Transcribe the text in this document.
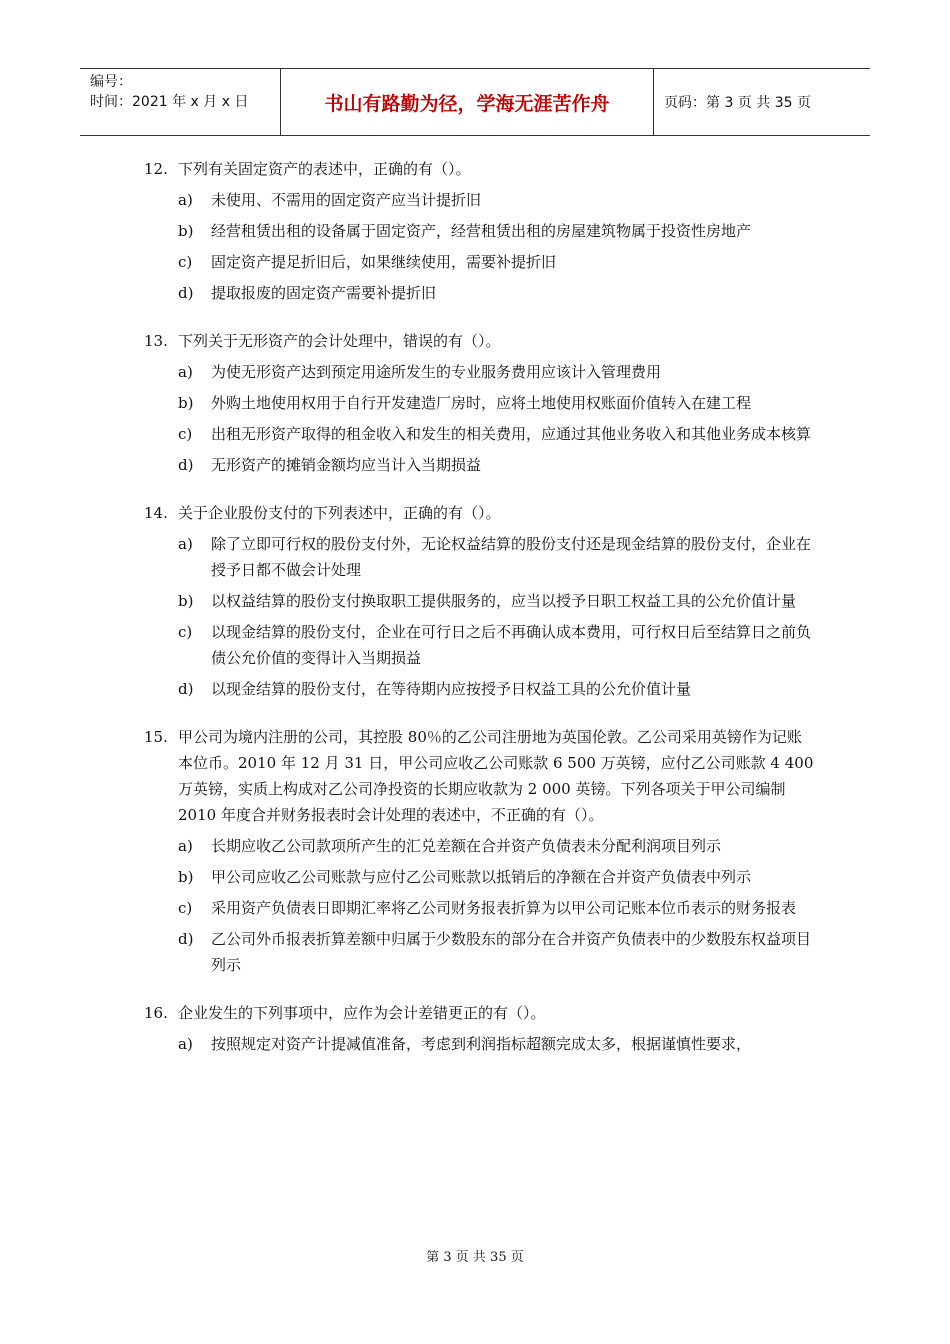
编号：
时间：2021 年 x 月 x 日	书山有路勤为径，学海无涯苦作舟	页码：第 3 页 共 35 页
12. 下列有关固定资产的表述中，正确的有（）。
a)	未使用、不需用的固定资产应当计提折旧
b)	经营租赁出租的设备属于固定资产，经营租赁出租的房屋建筑物属于投资性房地产
c)	固定资产提足折旧后，如果继续使用，需要补提折旧
d)	提取报废的固定资产需要补提折旧
13. 下列关于无形资产的会计处理中，错误的有（）。
a)	为使无形资产达到预定用途所发生的专业服务费用应该计入管理费用
b)	外购土地使用权用于自行开发建造厂房时，应将土地使用权账面价值转入在建工程
c)	出租无形资产取得的租金收入和发生的相关费用，应通过其他业务收入和其他业务成本核算
d)	无形资产的摊销金额均应当计入当期损益
14. 关于企业股份支付的下列表述中，正确的有（）。
a)	除了立即可行权的股份支付外，无论权益结算的股份支付还是现金结算的股份支付，企业在授予日都不做会计处理
b)	以权益结算的股份支付换取职工提供服务的，应当以授予日职工权益工具的公允价值计量
c)	以现金结算的股份支付，企业在可行日之后不再确认成本费用，可行权日后至结算日之前负债公允价值的变得计入当期损益
d)	以现金结算的股份支付，在等待期内应按授予日权益工具的公允价值计量
15. 甲公司为境内注册的公司，其控股 80％的乙公司注册地为英国伦敦。乙公司采用英镑作为记账本位币。2010 年 12 月 31 日，甲公司应收乙公司账款 6 500 万英镑，应付乙公司账款 4 400 万英镑，实质上构成对乙公司净投资的长期应收款为 2 000 英镑。下列各项关于甲公司编制 2010 年度合并财务报表时会计处理的表述中，不正确的有（）。
a)	长期应收乙公司款项所产生的汇兑差额在合并资产负债表未分配利润项目列示
b)	甲公司应收乙公司账款与应付乙公司账款以抵销后的净额在合并资产负债表中列示
c)	采用资产负债表日即期汇率将乙公司财务报表折算为以甲公司记账本位币表示的财务报表
d)	乙公司外币报表折算差额中归属于少数股东的部分在合并资产负债表中的少数股东权益项目列示
16. 企业发生的下列事项中，应作为会计差错更正的有（）。
a)	按照规定对资产计提减值准备，考虑到利润指标超额完成太多，根据谨慎性要求，
第 3 页 共 35 页
